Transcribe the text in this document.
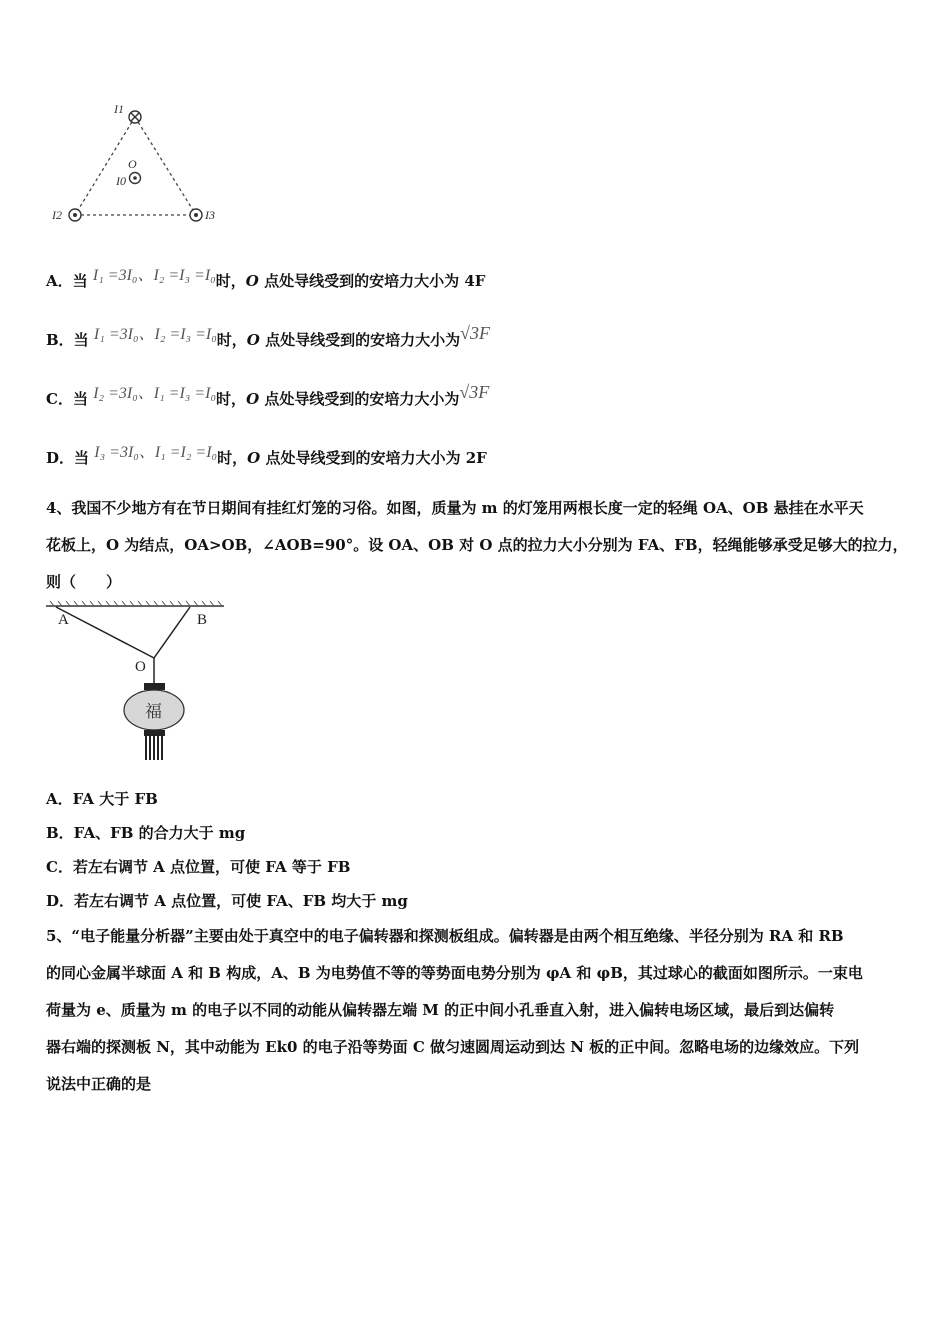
I1
O
I0
I2	I3
A．当 I₁ =3I₀、I₂ =I₃ =I₀时，O 点处导线受到的安培力大小为 4F
B．当 I₁ =3I₀、I₂ =I₃ =I₀时，O 点处导线受到的安培力大小为√3F
C．当 I₂ =3I₀、I₁ =I₃ =I₀时，O 点处导线受到的安培力大小为√3F
D．当 I₃ =3I₀、I₁ =I₂ =I₀时，O 点处导线受到的安培力大小为 2F
4、我国不少地方有在节日期间有挂红灯笼的习俗。如图，质量为 m 的灯笼用两根长度一定的轻绳 OA、OB 悬挂在水平天
花板上，O 为结点，OA>OB，∠AOB=90°。设 OA、OB 对 O 点的拉力大小分别为 FA、FB，轻绳能够承受足够大的拉力，
则（　　）
A	B
O
福
A．FA 大于 FB
B．FA、FB 的合力大于 mg
C．若左右调节 A 点位置，可使 FA 等于 FB
D．若左右调节 A 点位置，可使 FA、FB 均大于 mg
5、“电子能量分析器”主要由处于真空中的电子偏转器和探测板组成。偏转器是由两个相互绝缘、半径分别为 RA 和 RB
的同心金属半球面 A 和 B 构成，A、B 为电势值不等的等势面电势分别为 φA 和 φB，其过球心的截面如图所示。一束电
荷量为 e、质量为 m 的电子以不同的动能从偏转器左端 M 的正中间小孔垂直入射，进入偏转电场区域，最后到达偏转
器右端的探测板 N，其中动能为 Ek0 的电子沿等势面 C 做匀速圆周运动到达 N 板的正中间。忽略电场的边缘效应。下列
说法中正确的是
